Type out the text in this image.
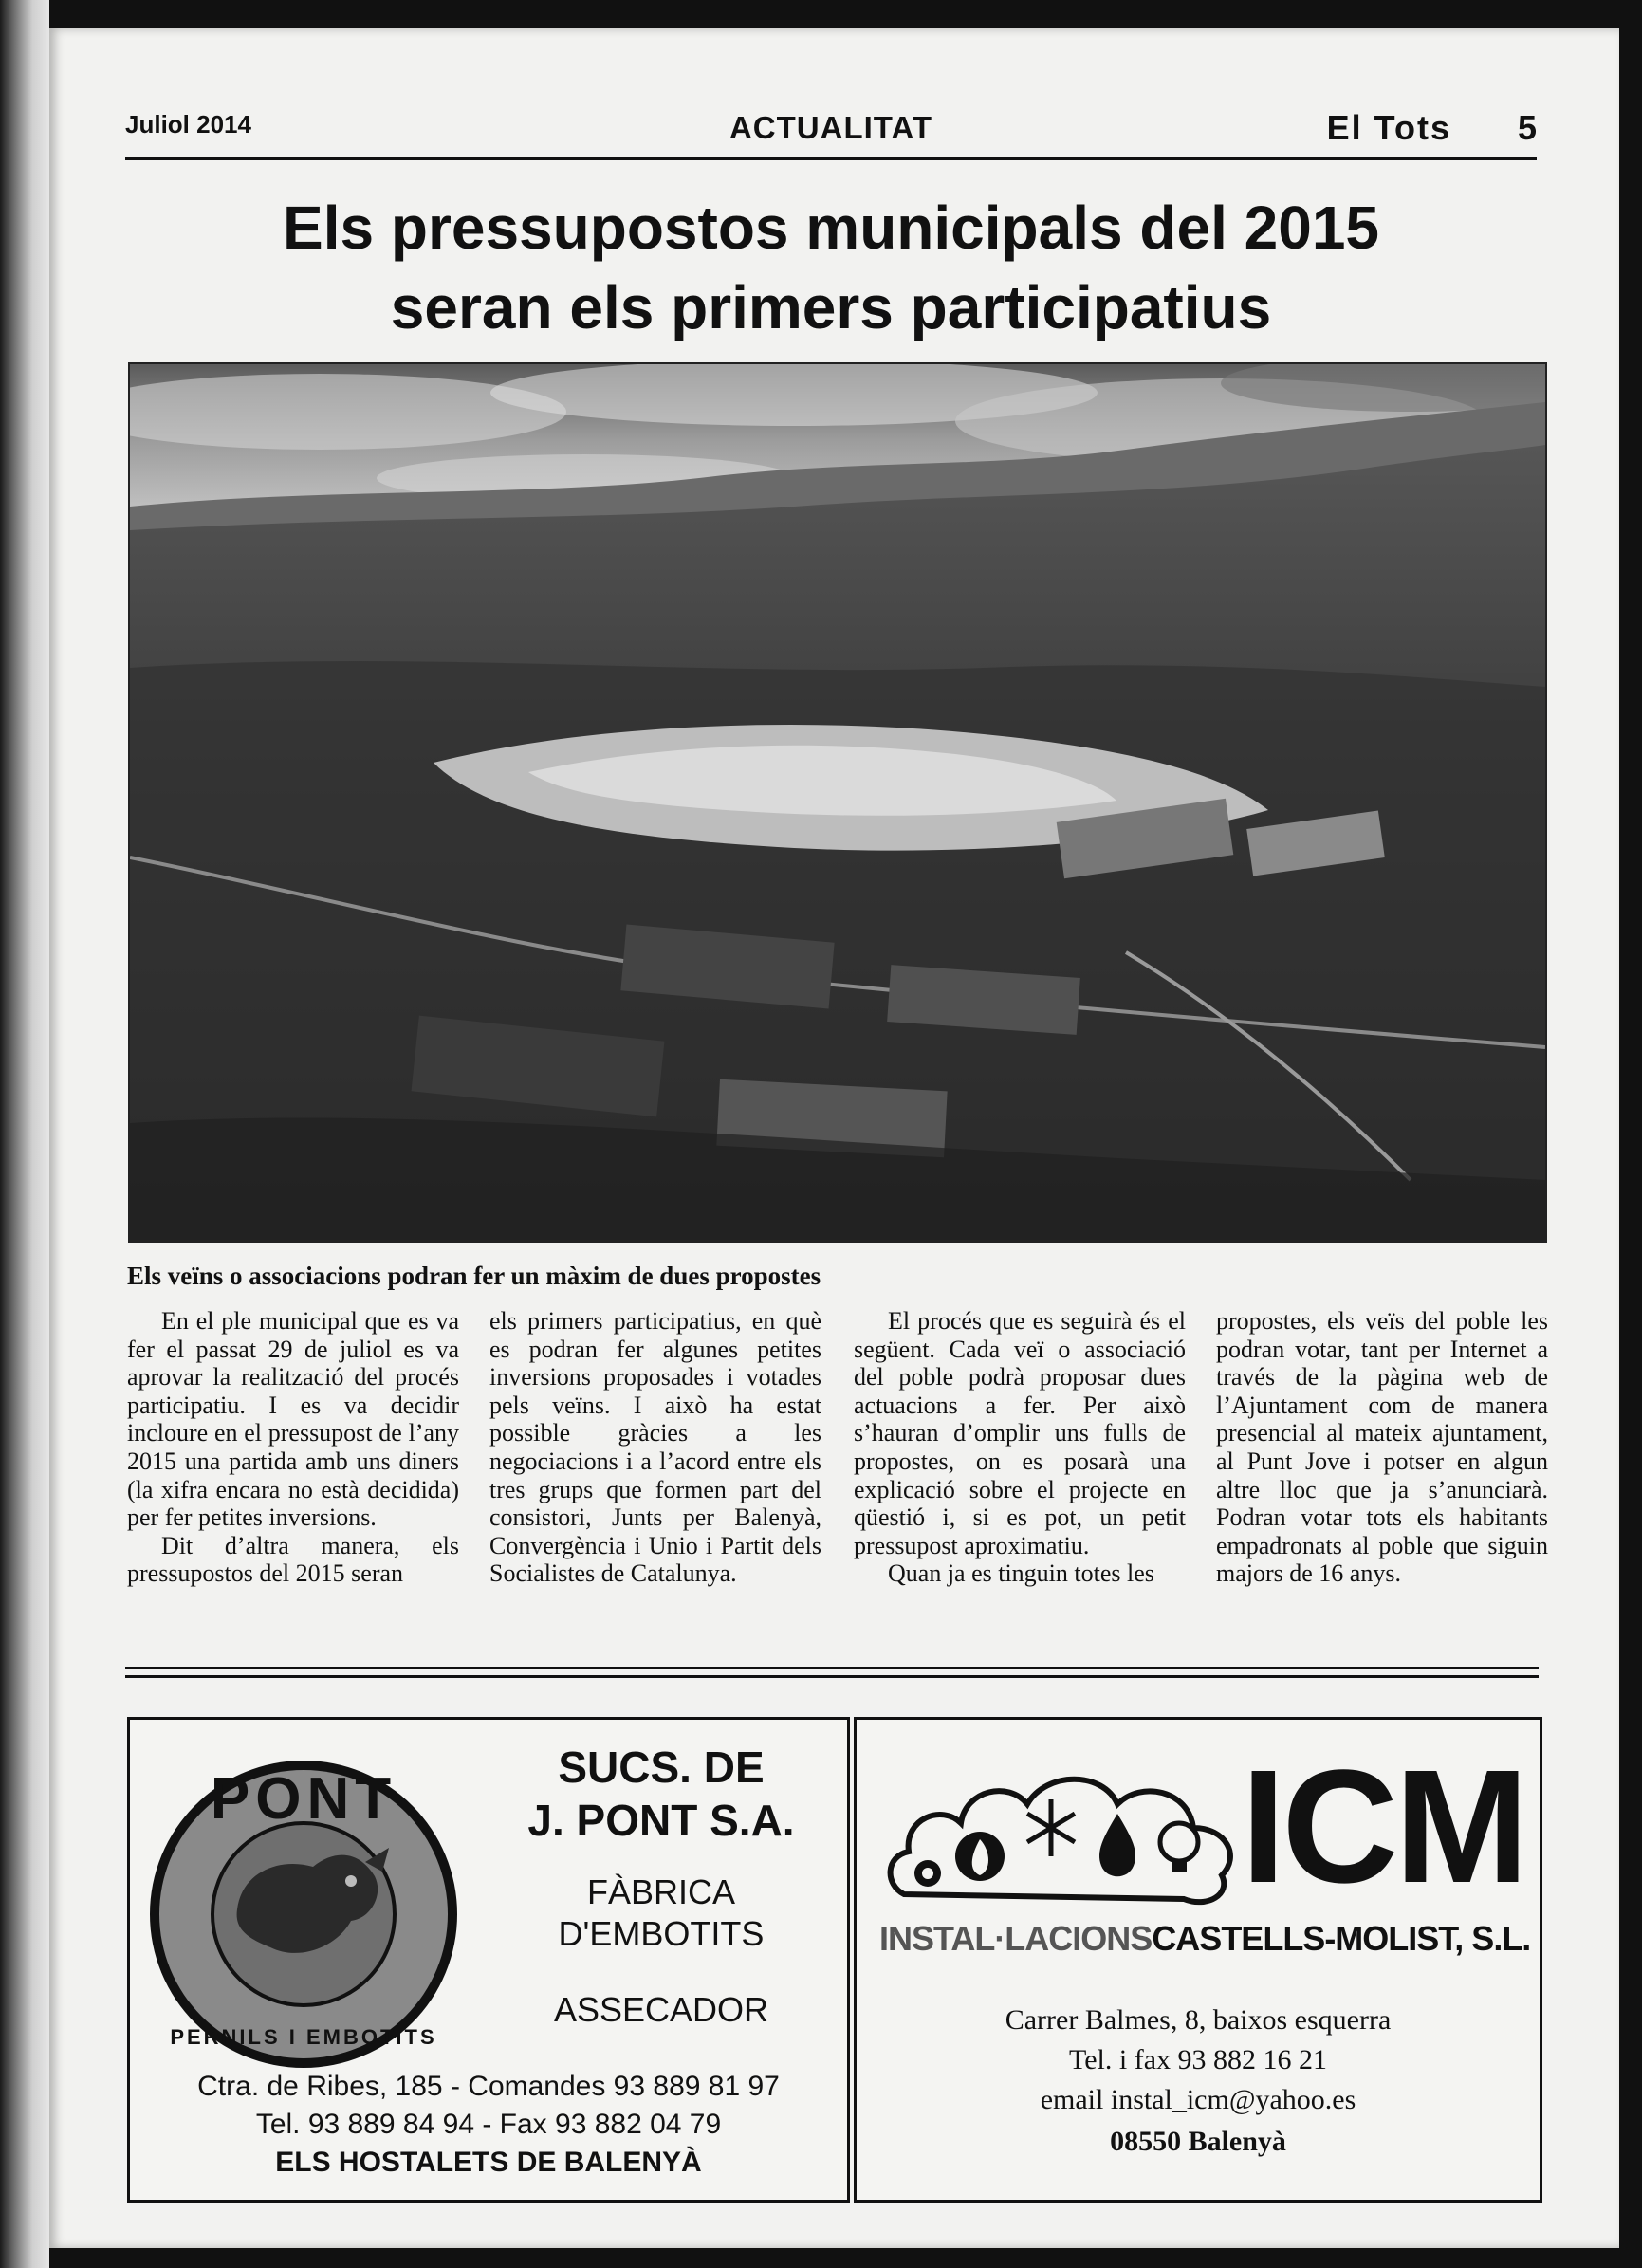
Juliol 2014	ACTUALITAT	El Tots 5
Els pressupostos municipals del 2015
seran els primers participatius
Els veïns o associacions podran fer un màxim de dues propostes

En el ple municipal que es va fer el passat 29 de juliol es va aprovar la realització del procés participatiu. I es va decidir incloure en el pressupost de l’any 2015 una partida amb uns diners (la xifra encara no està decidida) per fer petites inversions.

Dit d’altra manera, els pressupostos del 2015 seran

els primers participatius, en què es podran fer algunes petites inversions proposades i votades pels veïns. I això ha estat possible gràcies a les negociacions i a l’acord entre els tres grups que formen part del consistori, Junts per Balenyà, Convergència i Unio i Partit dels Socialistes de Catalunya.

El procés que es seguirà és el següent. Cada veï o associació del poble podrà proposar dues actuacions a fer. Per això s’hauran d’omplir uns fulls de propostes, on es posarà una explicació sobre el projecte en qüestió i, si es pot, un petit pressupost aproximatiu.

Quan ja es tinguin totes les

propostes, els veïs del poble les podran votar, tant per Internet a través de la pàgina web de l’Ajuntament com de manera presencial al mateix ajuntament, al Punt Jove i potser en algun altre lloc que ja s’anunciarà. Podran votar tots els habitants empadronats al poble que siguin majors de 16 anys.

PONT
PERNILS I EMBOTITS
SUCS. DE
J. PONT S.A.
FÀBRICA
D'EMBOTITS
ASSECADOR
Ctra. de Ribes, 185 - Comandes 93 889 81 97
Tel. 93 889 84 94 - Fax 93 882 04 79
ELS HOSTALETS DE BALENYÀ
ICM
INSTAL·LACIONSCASTELLS-MOLIST, S.L.
Carrer Balmes, 8, baixos esquerra
Tel. i fax 93 882 16 21
email instal_icm@yahoo.es
08550 Balenyà
